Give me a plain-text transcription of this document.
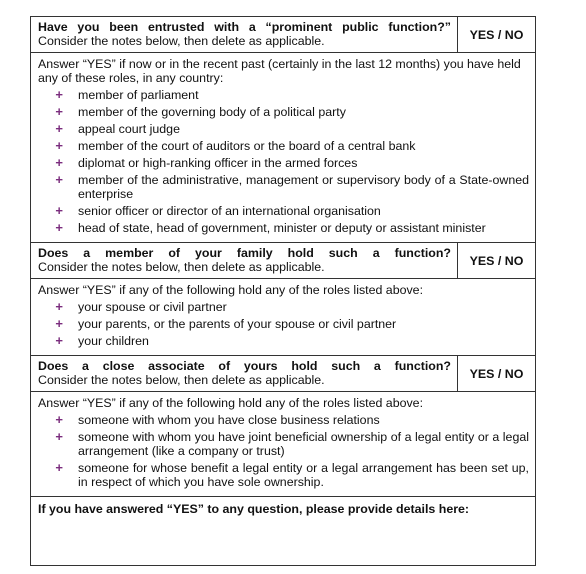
Have you been entrusted with a “prominent public function?”
Consider the notes below, then delete as applicable.	YES / NO
Answer “YES” if now or in the recent past (certainly in the last 12 months) you have held any of these roles, in any country:
+	member of parliament
+	member of the governing body of a political party
+	appeal court judge
+	member of the court of auditors or the board of a central bank
+	diplomat or high-ranking officer in the armed forces
+	member of the administrative, management or supervisory body of a State-owned enterprise
+	senior officer or director of an international organisation
+	head of state, head of government, minister or deputy or assistant minister
Does a member of your family hold such a function?
Consider the notes below, then delete as applicable.	YES / NO
Answer “YES” if any of the following hold any of the roles listed above:
+	your spouse or civil partner
+	your parents, or the parents of your spouse or civil partner
+	your children
Does a close associate of yours hold such a function?
Consider the notes below, then delete as applicable.	YES / NO
Answer “YES” if any of the following hold any of the roles listed above:
+	someone with whom you have close business relations
+	someone with whom you have joint beneficial ownership of a legal entity or a legal arrangement (like a company or trust)
+	someone for whose benefit a legal entity or a legal arrangement has been set up, in respect of which you have sole ownership.
If you have answered “YES” to any question, please provide details here:
